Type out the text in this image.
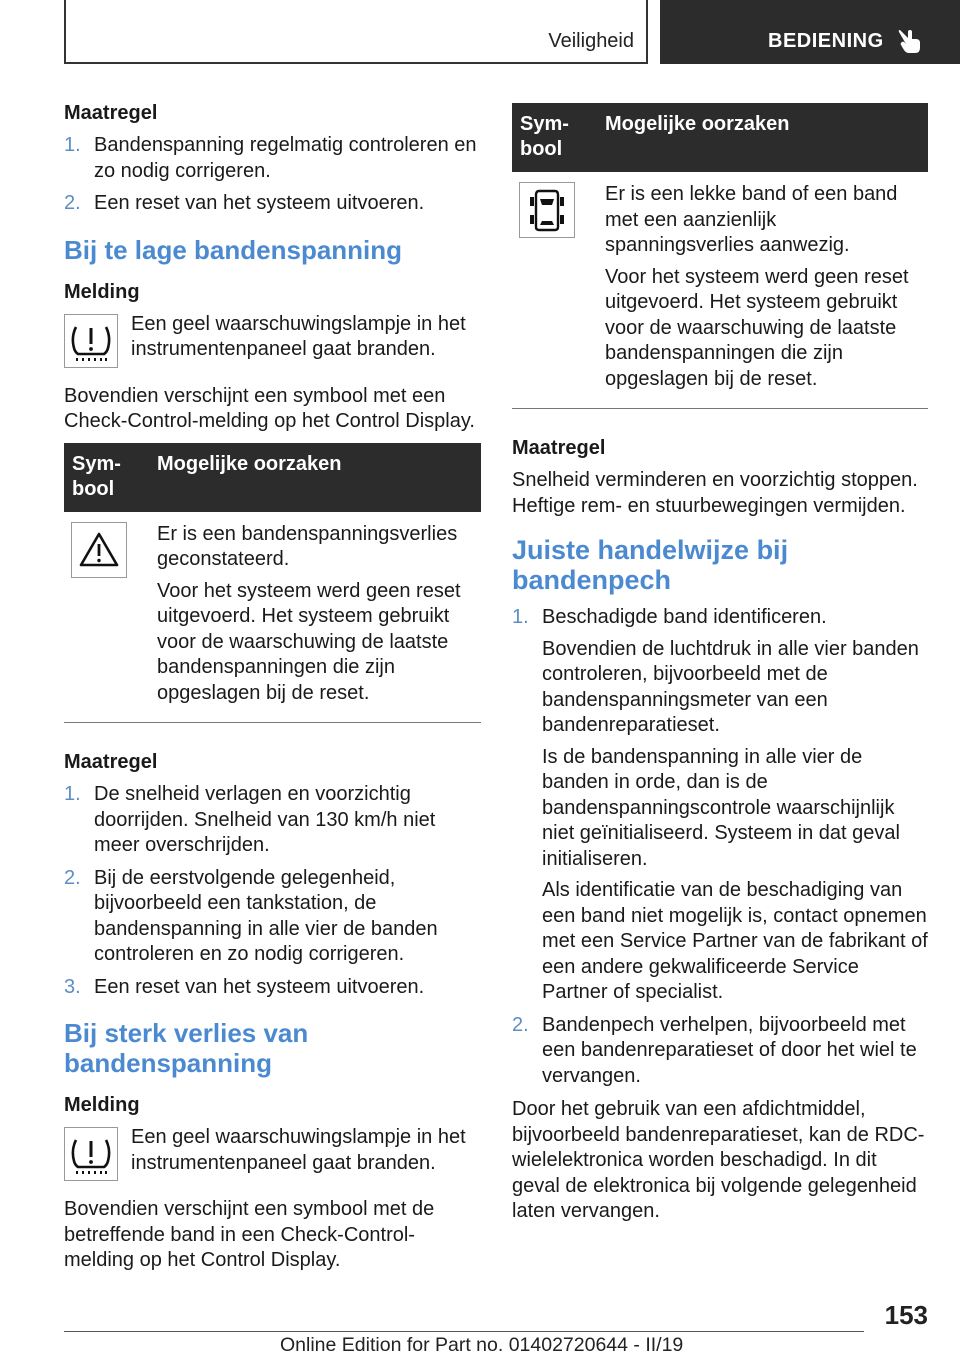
Veiligheid	BEDIENING
Maatregel
1. Bandenspanning regelmatig controleren en zo nodig corrigeren.
2. Een reset van het systeem uitvoeren.
Bij te lage bandenspanning
Melding
Een geel waarschuwingslampje in het instrumentenpaneel gaat branden.
Bovendien verschijnt een symbool met een Check-Control-melding op het Control Display.
Sym-
bool	Mogelijke oorzaken

Er is een bandenspanningsverlies geconstateerd.
Voor het systeem werd geen reset uitgevoerd. Het systeem gebruikt voor de waarschuwing de laatste bandenspanningen die zijn opgeslagen bij de reset.
Maatregel
1. De snelheid verlagen en voorzichtig doorrijden. Snelheid van 130 km/h niet meer overschrijden.
2. Bij de eerstvolgende gelegenheid, bijvoorbeeld een tankstation, de bandenspanning in alle vier de banden controleren en zo nodig corrigeren.
3. Een reset van het systeem uitvoeren.
Bij sterk verlies van bandenspanning
Melding
Een geel waarschuwingslampje in het instrumentenpaneel gaat branden.
Bovendien verschijnt een symbool met de betreffende band in een Check-Control-melding op het Control Display.
Sym-
bool	Mogelijke oorzaken

Er is een lekke band of een band met een aanzienlijk spanningsverlies aanwezig.
Voor het systeem werd geen reset uitgevoerd. Het systeem gebruikt voor de waarschuwing de laatste bandenspanningen die zijn opgeslagen bij de reset.
Maatregel
Snelheid verminderen en voorzichtig stoppen. Heftige rem- en stuurbewegingen vermijden.
Juiste handelwijze bij bandenpech
1. Beschadigde band identificeren.
Bovendien de luchtdruk in alle vier banden controleren, bijvoorbeeld met de bandenspanningsmeter van een bandenreparatieset.
Is de bandenspanning in alle vier de banden in orde, dan is de bandenspanningscontrole waarschijnlijk niet geïnitialiseerd. Systeem in dat geval initialiseren.
Als identificatie van de beschadiging van een band niet mogelijk is, contact opnemen met een Service Partner van de fabrikant of een andere gekwalificeerde Service Partner of specialist.
2. Bandenpech verhelpen, bijvoorbeeld met een bandenreparatieset of door het wiel te vervangen.
Door het gebruik van een afdichtmiddel, bijvoorbeeld bandenreparatieset, kan de RDC-wielelektronica worden beschadigd. In dit geval de elektronica bij volgende gelegenheid laten vervangen.
153
Online Edition for Part no. 01402720644 - II/19
